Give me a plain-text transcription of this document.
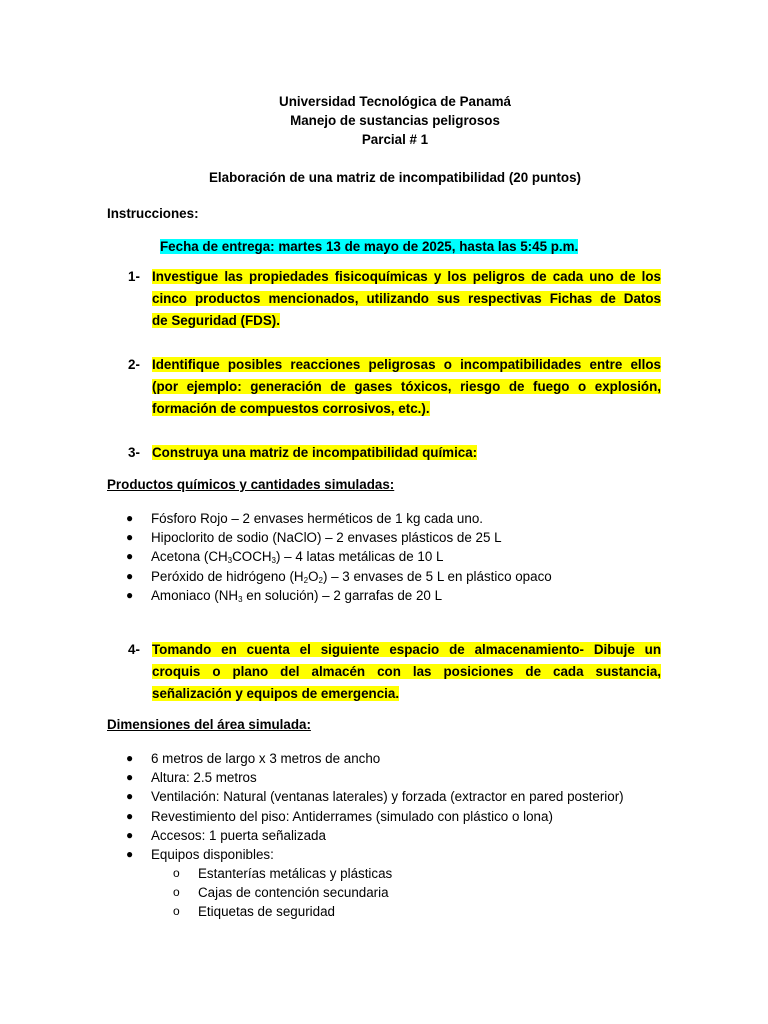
Universidad Tecnológica de Panamá
Manejo de sustancias peligrosos
Parcial # 1
Elaboración de una matriz de incompatibilidad (20 puntos)
Instrucciones:
Fecha de entrega: martes 13 de mayo de 2025, hasta las 5:45 p.m.
1- Investigue las propiedades fisicoquímicas y los peligros de cada uno de los
cinco productos mencionados, utilizando sus respectivas Fichas de Datos
de Seguridad (FDS).
2- Identifique posibles reacciones peligrosas o incompatibilidades entre ellos
(por ejemplo: generación de gases tóxicos, riesgo de fuego o explosión,
formación de compuestos corrosivos, etc.).
3- Construya una matriz de incompatibilidad química:
Productos químicos y cantidades simuladas:
● Fósforo Rojo – 2 envases herméticos de 1 kg cada uno.
● Hipoclorito de sodio (NaClO) – 2 envases plásticos de 25 L
● Acetona $(CH_3COCH_3) - 4$ latas metálicas de 10 L
● Peróxido de hidrógeno $(H_2O_2) - 3$ envases de 5 L en plástico opaco
● Amoniaco ($NH_3$ en solución) – 2 garrafas de 20 L
4- Tomando en cuenta el siguiente espacio de almacenamiento- Dibuje un
croquis o plano del almacén con las posiciones de cada sustancia,
señalización y equipos de emergencia.
Dimensiones del área simulada:
● 6 metros de largo x 3 metros de ancho
● Altura: 2.5 metros
● Ventilación: Natural (ventanas laterales) y forzada (extractor en pared posterior)
● Revestimiento del piso: Antiderrames (simulado con plástico o lona)
● Accesos: 1 puerta señalizada
● Equipos disponibles:
o Estanterías metálicas y plásticas
o Cajas de contención secundaria
o Etiquetas de seguridad
